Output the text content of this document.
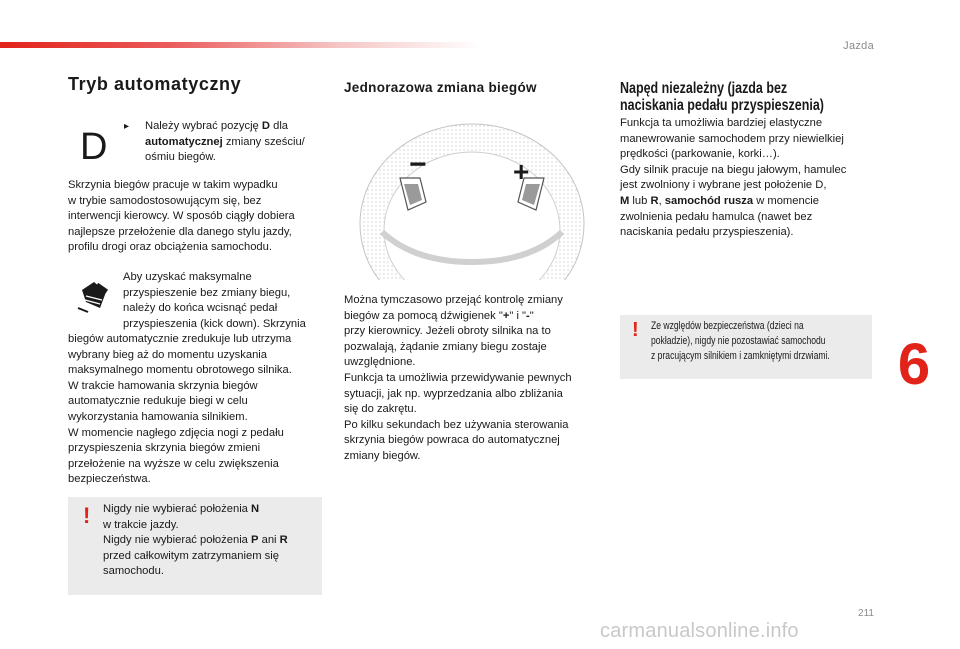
Jazda
Tryb automatyczny
D ▸ Należy wybrać pozycję D dla
automatycznej zmiany sześciu/
ośmiu biegów.
Skrzynia biegów pracuje w takim wypadku
w trybie samodostosowującym się, bez
interwencji kierowcy. W sposób ciągły dobiera
najlepsze przełożenie dla danego stylu jazdy,
profilu drogi oraz obciążenia samochodu.
Aby uzyskać maksymalne
przyspieszenie bez zmiany biegu,
należy do końca wcisnąć pedał
przyspieszenia (kick down). Skrzynia
biegów automatycznie zredukuje lub utrzyma
wybrany bieg aż do momentu uzyskania
maksymalnego momentu obrotowego silnika.
W trakcie hamowania skrzynia biegów
automatycznie redukuje biegi w celu
wykorzystania hamowania silnikiem.
W momencie nagłego zdjęcia nogi z pedału
przyspieszenia skrzynia biegów zmieni
przełożenie na wyższe w celu zwiększenia
bezpieczeństwa.
! Nigdy nie wybierać położenia N
w trakcie jazdy.
Nigdy nie wybierać położenia P ani R
przed całkowitym zatrzymaniem się
samochodu.
Jednorazowa zmiana biegów
−	+
Można tymczasowo przejąć kontrolę zmiany
biegów za pomocą dźwigienek "+" i "-"
przy kierownicy. Jeżeli obroty silnika na to
pozwalają, żądanie zmiany biegu zostaje
uwzględnione.
Funkcja ta umożliwia przewidywanie pewnych
sytuacji, jak np. wyprzedzania albo zbliżania
się do zakrętu.
Po kilku sekundach bez używania sterowania
skrzynia biegów powraca do automatycznej
zmiany biegów.
Napęd niezależny (jazda bez
naciskania pedału przyspieszenia)
Funkcja ta umożliwia bardziej elastyczne
manewrowanie samochodem przy niewielkiej
prędkości (parkowanie, korki…).
Gdy silnik pracuje na biegu jałowym, hamulec
jest zwolniony i wybrane jest położenie D,
M lub R, samochód rusza w momencie
zwolnienia pedału hamulca (nawet bez
naciskania pedału przyspieszenia).
! Ze względów bezpieczeństwa (dzieci na
pokładzie), nigdy nie pozostawiać samochodu
z pracującym silnikiem i zamkniętymi drzwiami.	6
211
carmanualsonline.info
